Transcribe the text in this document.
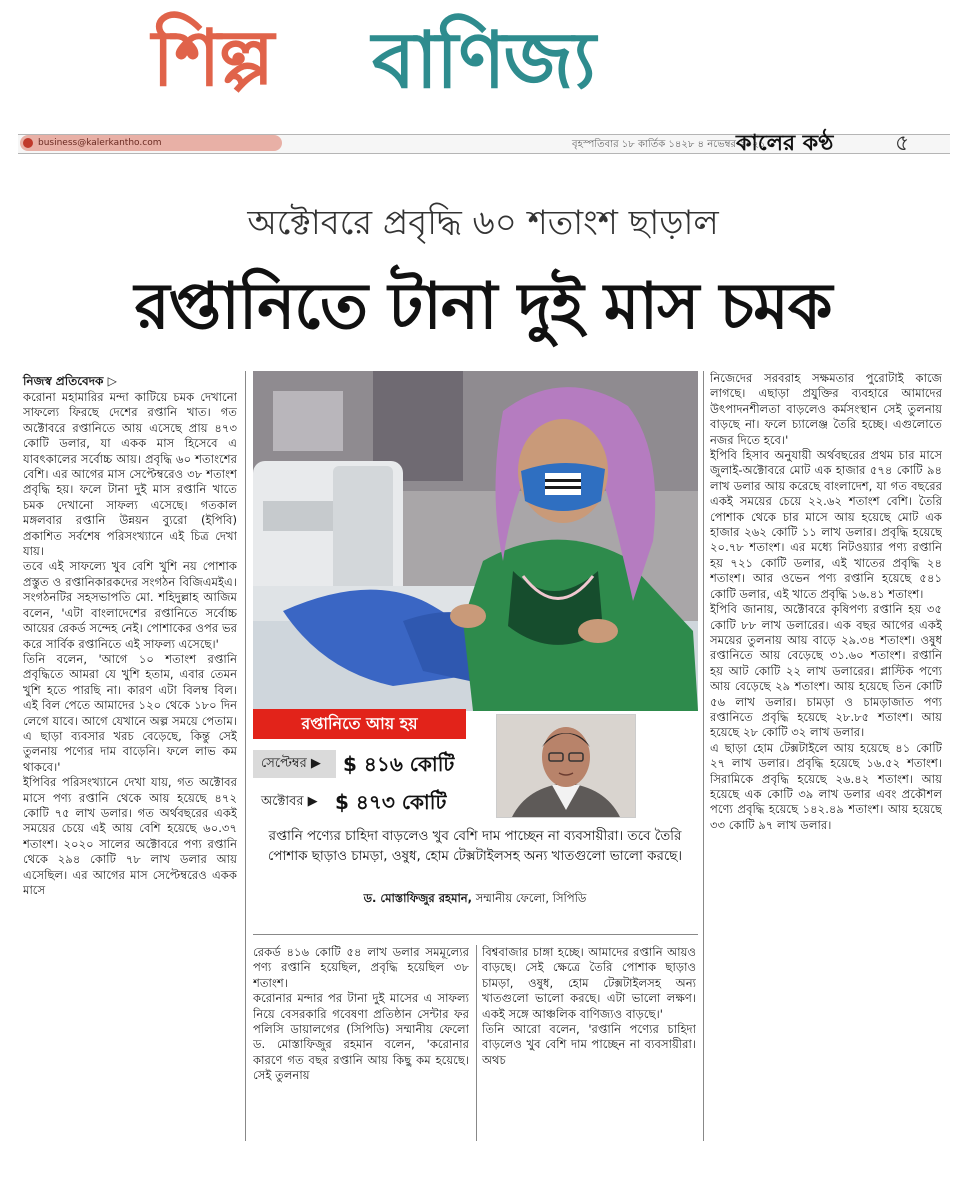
শিল্প বাণিজ্য
business@kalerkantho.com	বৃহস্পতিবার ১৮ কার্তিক ১৪২৮ ৪ নভেম্বর ২০২১
কালের কণ্ঠ	৫
অক্টোবরে প্রবৃদ্ধি ৬০ শতাংশ ছাড়াল
রপ্তানিতে টানা দুই মাস চমক
নিজস্ব প্রতিবেদক ▷
করোনা মহামারির মন্দা কাটিয়ে চমক দেখানো সাফল্যে ফিরছে দেশের রপ্তানি খাত। গত অক্টোবরে রপ্তানিতে আয় এসেছে প্রায় ৪৭৩ কোটি ডলার, যা একক মাস হিসেবে এ যাবৎকালের সর্বোচ্চ আয়। প্রবৃদ্ধি ৬০ শতাংশের বেশি। এর আগের মাস সেপ্টেম্বরেও ৩৮ শতাংশ প্রবৃদ্ধি হয়। ফলে টানা দুই মাস রপ্তানি খাতে চমক দেখানো সাফল্য এসেছে। গতকাল মঙ্গলবার রপ্তানি উন্নয়ন ব্যুরো (ইপিবি) প্রকাশিত সর্বশেষ পরিসংখ্যানে এই চিত্র দেখা যায়।
তবে এই সাফল্যে খুব বেশি খুশি নয় পোশাক প্রস্তুত ও রপ্তানিকারকদের সংগঠন বিজিএমইএ। সংগঠনটির সহসভাপতি মো. শহিদুল্লাহ আজিম বলেন, 'এটা বাংলাদেশের রপ্তানিতে সর্বোচ্চ আয়ের রেকর্ড সন্দেহ নেই। পোশাকের ওপর ভর করে সার্বিক রপ্তানিতে এই সাফল্য এসেছে।'
তিনি বলেন, 'আগে ১০ শতাংশ রপ্তানি প্রবৃদ্ধিতে আমরা যে খুশি হতাম, এবার তেমন খুশি হতে পারছি না। কারণ এটা বিলম্ব বিল। এই বিল পেতে আমাদের ১২০ থেকে ১৮০ দিন লেগে যাবে। আগে যেখানে অল্প সময়ে পেতাম। এ ছাড়া ব্যবসার খরচ বেড়েছে, কিন্তু সেই তুলনায় পণ্যের দাম বাড়েনি। ফলে লাভ কম থাকবে।'
ইপিবির পরিসংখ্যানে দেখা যায়, গত অক্টোবর মাসে পণ্য রপ্তানি থেকে আয় হয়েছে ৪৭২ কোটি ৭৫ লাখ ডলার। গত অর্থবছরের একই সময়ের চেয়ে এই আয় বেশি হয়েছে ৬০.৩৭ শতাংশ। ২০২০ সালের অক্টোবরে পণ্য রপ্তানি থেকে ২৯৪ কোটি ৭৮ লাখ ডলার আয় এসেছিল। এর আগের মাস সেপ্টেম্বরেও একক মাসে
রপ্তানিতে আয় হয়
সেপ্টেম্বর ▶	$ ৪১৬ কোটি
অক্টোবর ▶ $ ৪৭৩ কোটি
রপ্তানি পণ্যের চাহিদা বাড়লেও খুব বেশি দাম পাচ্ছেন না ব্যবসায়ীরা। তবে তৈরি পোশাক ছাড়াও চামড়া, ওষুধ, হোম টেক্সটাইলসহ অন্য খাতগুলো ভালো করছে।
ড. মোস্তাফিজুর রহমান, সম্মানীয় ফেলো, সিপিডি
রেকর্ড ৪১৬ কোটি ৫৪ লাখ ডলার সমমূল্যের পণ্য রপ্তানি হয়েছিল, প্রবৃদ্ধি হয়েছিল ৩৮ শতাংশ।
করোনার মন্দার পর টানা দুই মাসের এ সাফল্য নিয়ে বেসরকারি গবেষণা প্রতিষ্ঠান সেন্টার ফর পলিসি ডায়ালগের (সিপিডি) সম্মানীয় ফেলো ড. মোস্তাফিজুর রহমান বলেন, 'করোনার কারণে গত বছর রপ্তানি আয় কিছু কম হয়েছে। সেই তুলনায়
বিশ্ববাজার চাঙ্গা হচ্ছে। আমাদের রপ্তানি আয়ও বাড়ছে। সেই ক্ষেত্রে তৈরি পোশাক ছাড়াও চামড়া, ওষুধ, হোম টেক্সটাইলসহ অন্য খাতগুলো ভালো করছে। এটা ভালো লক্ষণ। একই সঙ্গে আঞ্চলিক বাণিজ্যও বাড়ছে।'
তিনি আরো বলেন, 'রপ্তানি পণ্যের চাহিদা বাড়লেও খুব বেশি দাম পাচ্ছেন না ব্যবসায়ীরা। অথচ
নিজেদের সরবরাহ সক্ষমতার পুরোটাই কাজে লাগছে। এছাড়া প্রযুক্তির ব্যবহারে আমাদের উৎপাদনশীলতা বাড়লেও কর্মসংস্থান সেই তুলনায় বাড়ছে না। ফলে চ্যালেঞ্জ তৈরি হচ্ছে। এগুলোতে নজর দিতে হবে।'
ইপিবি হিসাব অনুযায়ী অর্থবছরের প্রথম চার মাসে জুলাই-অক্টোবরে মোট এক হাজার ৫৭৪ কোটি ৯৪ লাখ ডলার আয় করেছে বাংলাদেশ, যা গত বছরের একই সময়ের চেয়ে ২২.৬২ শতাংশ বেশি। তৈরি পোশাক থেকে চার মাসে আয় হয়েছে মোট এক হাজার ২৬২ কোটি ১১ লাখ ডলার। প্রবৃদ্ধি হয়েছে ২০.৭৮ শতাংশ। এর মধ্যে নিটওয়্যার পণ্য রপ্তানি হয় ৭২১ কোটি ডলার, এই খাতের প্রবৃদ্ধি ২৪ শতাংশ। আর ওভেন পণ্য রপ্তানি হয়েছে ৫৪১ কোটি ডলার, এই খাতে প্রবৃদ্ধি ১৬.৪১ শতাংশ।
ইপিবি জানায়, অক্টোবরে কৃষিপণ্য রপ্তানি হয় ৩৫ কোটি ৮৮ লাখ ডলারের। এক বছর আগের একই সময়ের তুলনায় আয় বাড়ে ২৯.৩৪ শতাংশ। ওষুধ রপ্তানিতে আয় বেড়েছে ৩১.৬০ শতাংশ। রপ্তানি হয় আট কোটি ২২ লাখ ডলারের। প্লাস্টিক পণ্যে আয় বেড়েছে ২৯ শতাংশ। আয় হয়েছে তিন কোটি ৫৬ লাখ ডলার। চামড়া ও চামড়াজাত পণ্য রপ্তানিতে প্রবৃদ্ধি হয়েছে ২৮.৮৫ শতাংশ। আয় হয়েছে ২৮ কোটি ৩২ লাখ ডলার।
এ ছাড়া হোম টেক্সটাইলে আয় হয়েছে ৪১ কোটি ২৭ লাখ ডলার। প্রবৃদ্ধি হয়েছে ১৬.৫২ শতাংশ। সিরামিকে প্রবৃদ্ধি হয়েছে ২৬.৪২ শতাংশ। আয় হয়েছে এক কোটি ৩৯ লাখ ডলার এবং প্রকৌশল পণ্যে প্রবৃদ্ধি হয়েছে ১৪২.৪৯ শতাংশ। আয় হয়েছে ৩৩ কোটি ৯৭ লাখ ডলার।
